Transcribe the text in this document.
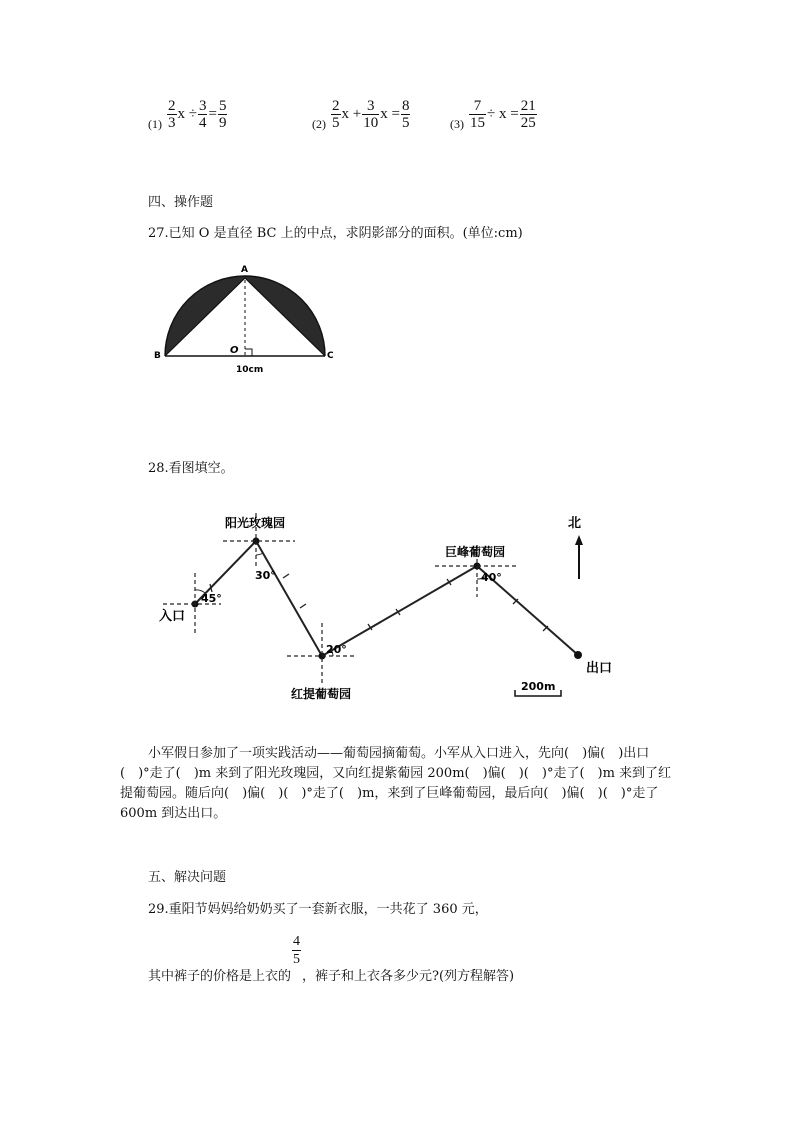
$_{(1)} \frac{2}{3}$ $x \div \frac{3}{4} = \frac{5}{9}$	$_{(2)} \frac{2}{5}$ $x + \frac{3}{10}$ $x = \frac{8}{5}$	$_{(3)} \frac{7}{15} \div x = \frac{21}{25}$
四、操作题
27.已知 O 是直径 BC 上的中点，求阴影部分的面积。(单位:cm)
A
B	C
O
10cm
28.看图填空。
45°
30°
20°
40°
入口
阳光玫瑰园
红提葡萄园
巨峰葡萄园
出口
北
200m
小军假日参加了一项实践活动——葡萄园摘葡萄。小军从入口进入，先向(　)偏(　)出口　(　)°走了(　)m 来到了阳光玫瑰园，又向红提紫葡园 200m(　)偏(　)(　)°走了(　)m 来到了红提葡萄园。随后向(　)偏(　)(　)°走了(　)m，来到了巨峰葡萄园，最后向(　)偏(　)(　)°走了 600m 到达出口。
五、解决问题
29.重阳节妈妈给奶奶买了一套新衣服，一共花了 360 元，
其中裤子的价格是上衣的
$\frac{4}{5}$
，裤子和上衣各多少元?(列方程解答)
